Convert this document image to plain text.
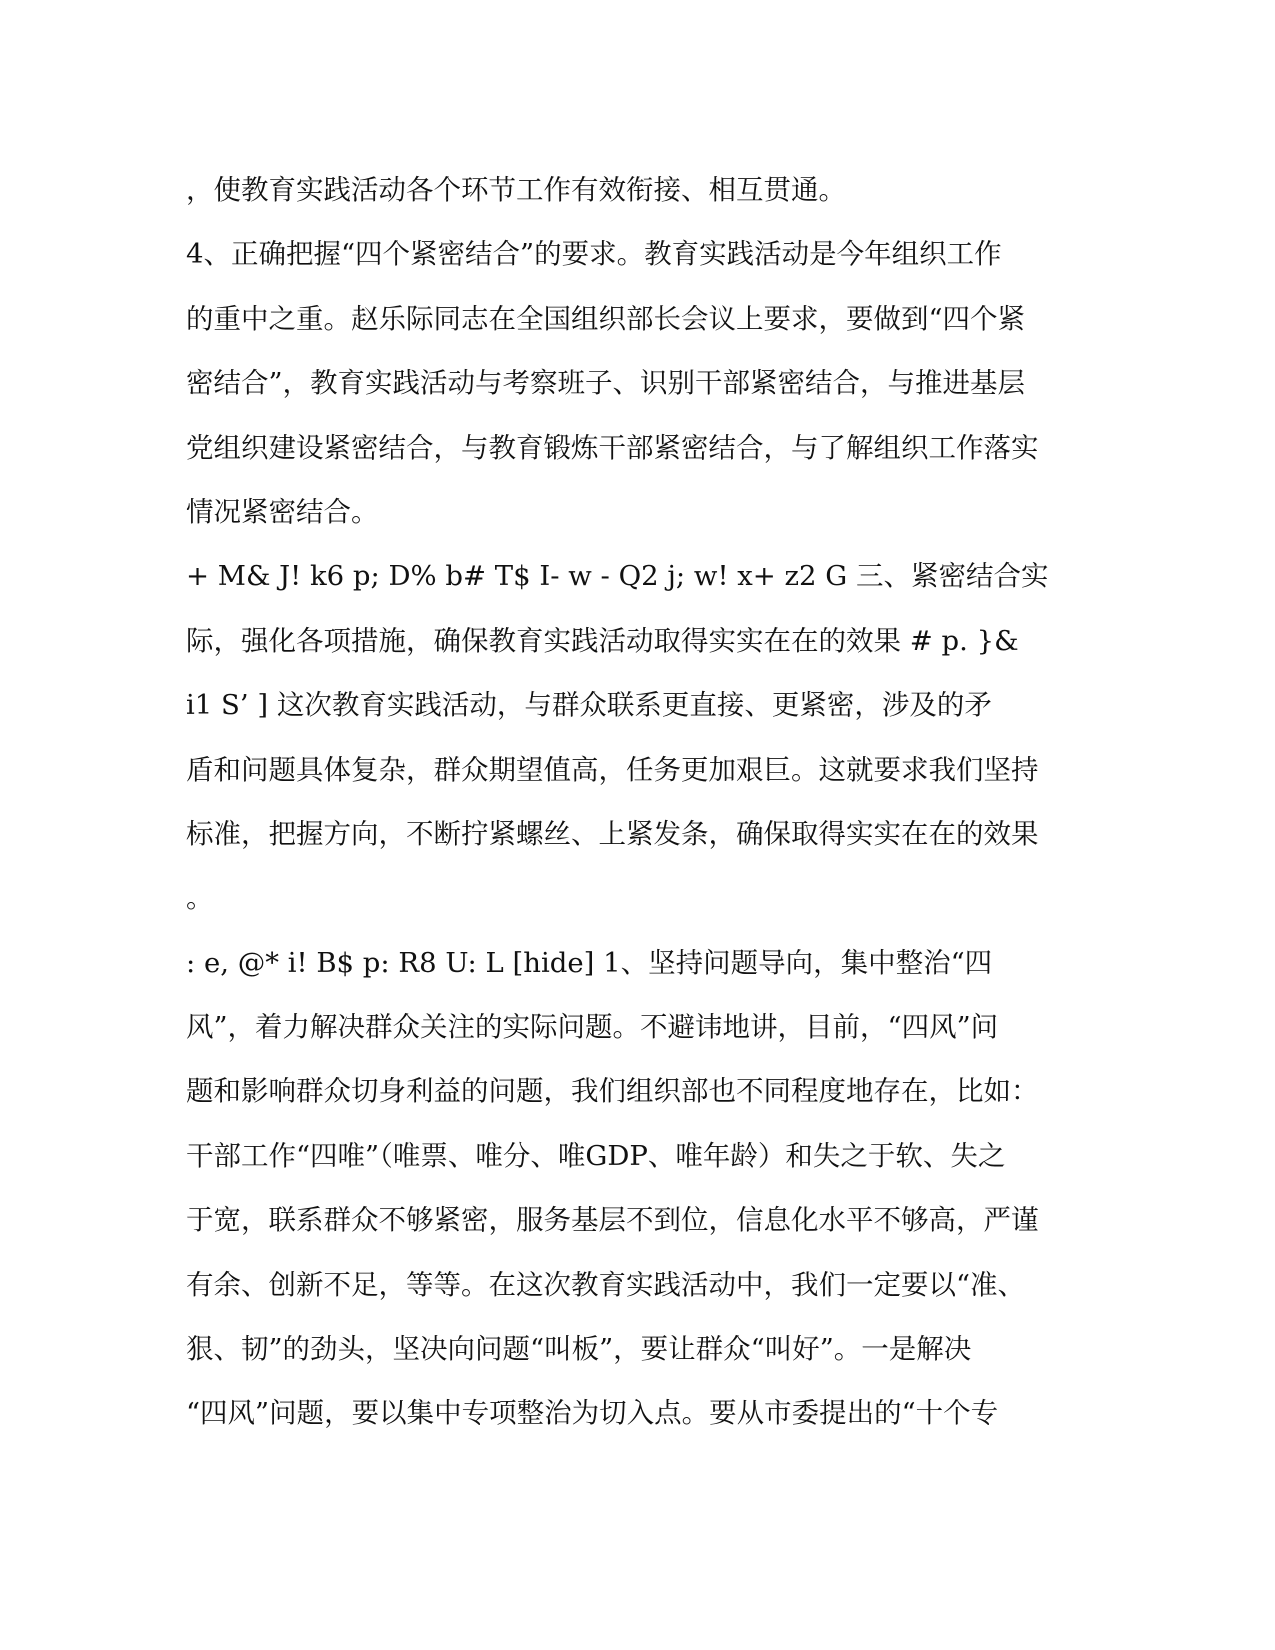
，使教育实践活动各个环节工作有效衔接、相互贯通。

4、正确把握“四个紧密结合”的要求。教育实践活动是今年组织工作

的重中之重。赵乐际同志在全国组织部长会议上要求，要做到“四个紧

密结合”，教育实践活动与考察班子、识别干部紧密结合，与推进基层

党组织建设紧密结合，与教育锻炼干部紧密结合，与了解组织工作落实

情况紧密结合。

+ M& J! k6 p; D% b# T$ I- w - Q2 j; w! x+ z2 G 三、紧密结合实

际，强化各项措施，确保教育实践活动取得实实在在的效果 # p. }&

i1 S’ ] 这次教育实践活动，与群众联系更直接、更紧密，涉及的矛

盾和问题具体复杂，群众期望值高，任务更加艰巨。这就要求我们坚持

标准，把握方向，不断拧紧螺丝、上紧发条，确保取得实实在在的效果

。

: e, @* i! B$ p: R8 U: L [hide] 1、坚持问题导向，集中整治“四

风”，着力解决群众关注的实际问题。不避讳地讲，目前，“四风”问

题和影响群众切身利益的问题，我们组织部也不同程度地存在，比如：

干部工作“四唯”（唯票、唯分、唯GDP、唯年龄）和失之于软、失之

于宽，联系群众不够紧密，服务基层不到位，信息化水平不够高，严谨

有余、创新不足，等等。在这次教育实践活动中，我们一定要以“准、

狠、韧”的劲头，坚决向问题“叫板”，要让群众“叫好”。一是解决

“四风”问题，要以集中专项整治为切入点。要从市委提出的“十个专
